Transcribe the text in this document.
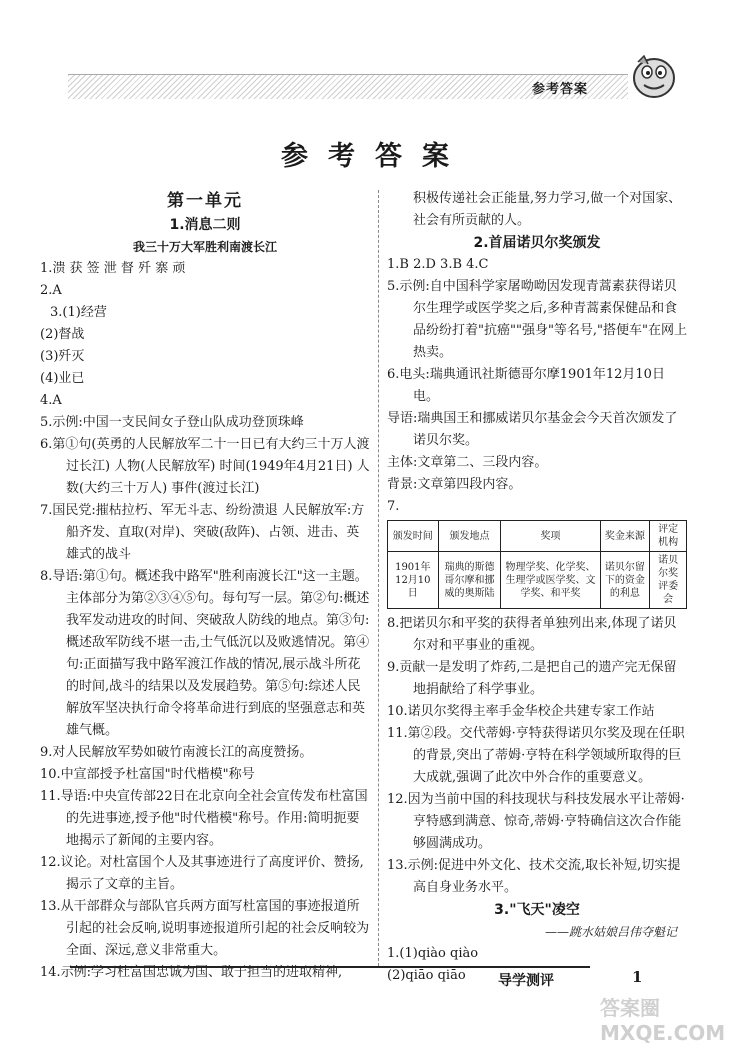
参考答案
参考答案
第一单元
1.消息二则
我三十万大军胜利南渡长江
1.溃 获 签 泄 督 歼 寨 顽
2.A
3.(1)经营
(2)督战
(3)歼灭
(4)业已
4.A
5.示例:中国一支民间女子登山队成功登顶珠峰
6.第①句(英勇的人民解放军二十一日已有大约三十万人渡过长江) 人物(人民解放军) 时间(1949年4月21日) 人数(大约三十万人) 事件(渡过长江)
7.国民党:摧枯拉朽、军无斗志、纷纷溃退 人民解放军:方船齐发、直取(对岸)、突破(敌阵)、占领、进击、英雄式的战斗
8.导语:第①句。概述我中路军"胜利南渡长江"这一主题。主体部分为第②③④⑤句。每句写一层。第②句:概述我军发动进攻的时间、突破敌人防线的地点。第③句:概述敌军防线不堪一击,士气低沉以及败逃情况。第④句:正面描写我中路军渡江作战的情况,展示战斗所花的时间,战斗的结果以及发展趋势。第⑤句:综述人民解放军坚决执行命令将革命进行到底的坚强意志和英雄气概。
9.对人民解放军势如破竹南渡长江的高度赞扬。
10.中宣部授予杜富国"时代楷模"称号
11.导语:中央宣传部22日在北京向全社会宣传发布杜富国的先进事迹,授予他"时代楷模"称号。作用:简明扼要地揭示了新闻的主要内容。
12.议论。对杜富国个人及其事迹进行了高度评价、赞扬,揭示了文章的主旨。
13.从干部群众与部队官兵两方面写杜富国的事迹报道所引起的社会反响,说明事迹报道所引起的社会反响较为全面、深远,意义非常重大。
14.示例:学习杜富国忠诚为国、敢于担当的进取精神,
积极传递社会正能量,努力学习,做一个对国家、社会有所贡献的人。
2.首届诺贝尔奖颁发
1.B 2.D 3.B 4.C
5.示例:自中国科学家屠呦呦因发现青蒿素获得诺贝尔生理学或医学奖之后,多种青蒿素保健品和食品纷纷打着"抗癌""强身"等名号,"搭便车"在网上热卖。
6.电头:瑞典通讯社斯德哥尔摩1901年12月10日电。
导语:瑞典国王和挪威诺贝尔基金会今天首次颁发了诺贝尔奖。
主体:文章第二、三段内容。
背景:文章第四段内容。
7.
颁发时间	颁发地点	奖项	奖金来源	评定机构
1901年12月10日	瑞典的斯德哥尔摩和挪威的奥斯陆	物理学奖、化学奖、生理学或医学奖、文学奖、和平奖	诺贝尔留下的资金的利息	诺贝尔奖评委会
8.把诺贝尔和平奖的获得者单独列出来,体现了诺贝尔对和平事业的重视。
9.贡献一是发明了炸药,二是把自己的遗产完无保留地捐献给了科学事业。
10.诺贝尔奖得主率手金华校企共建专家工作站
11.第②段。交代蒂姆·亨特获得诺贝尔奖及现在任职的背景,突出了蒂姆·亨特在科学领域所取得的巨大成就,强调了此次中外合作的重要意义。
12.因为当前中国的科技现状与科技发展水平让蒂姆·亨特感到满意、惊奇,蒂姆·亨特确信这次合作能够圆满成功。
13.示例:促进中外文化、技术交流,取长补短,切实提高自身业务水平。
3."飞天"凌空
——跳水姑娘吕伟夺魁记
1.(1)qiào qiào
(2)qiāo qiāo	导学测评	1
答案圈 MXQE.COM
